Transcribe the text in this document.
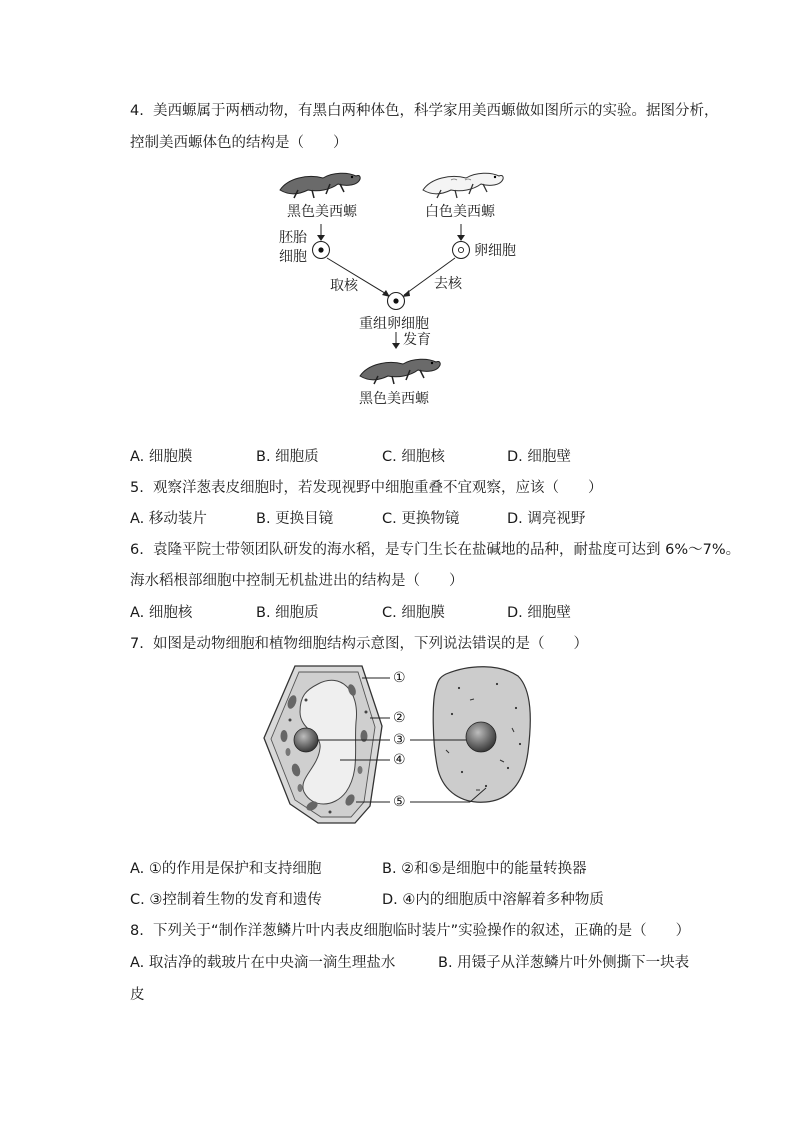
4.  美西螈属于两栖动物，有黑白两种体色，科学家用美西螈做如图所示的实验。据图分析，
控制美西螈体色的结构是（　　）
黑色美西螈	白色美西螈
胚胎
细胞	卵细胞
取核	去核
重组卵细胞
发育
黑色美西螈
A. 细胞膜	B. 细胞质	C. 细胞核	D. 细胞壁
5.  观察洋葱表皮细胞时，若发现视野中细胞重叠不宜观察，应该（　　）
A. 移动装片	B. 更换目镜	C. 更换物镜	D. 调亮视野
6.  袁隆平院士带领团队研发的海水稻，是专门生长在盐碱地的品种，耐盐度可达到 6%～7%。
海水稻根部细胞中控制无机盐进出的结构是（　　）
A. 细胞核	B. 细胞质	C. 细胞膜	D. 细胞壁
7.  如图是动物细胞和植物细胞结构示意图，下列说法错误的是（　　）
①
②
③
④
⑤
A. ①的作用是保护和支持细胞	B. ②和⑤是细胞中的能量转换器
C. ③控制着生物的发育和遗传	D. ④内的细胞质中溶解着多种物质
8.  下列关于“制作洋葱鳞片叶内表皮细胞临时装片”实验操作的叙述，正确的是（　　）
A. 取洁净的载玻片在中央滴一滴生理盐水	B. 用镊子从洋葱鳞片叶外侧撕下一块表
皮
